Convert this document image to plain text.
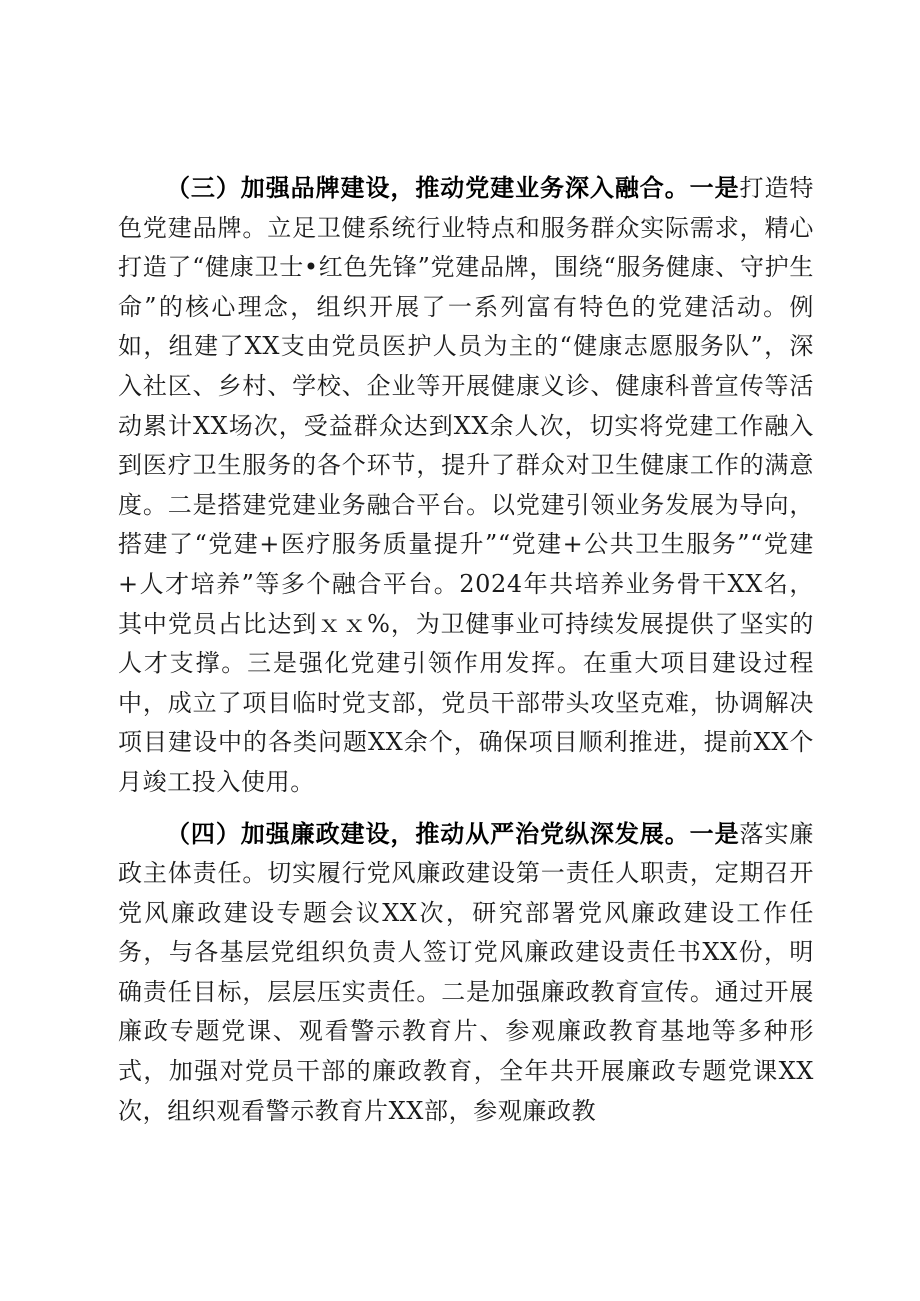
（三）加强品牌建设，推动党建业务深入融合。一是打造特色党建品牌。立足卫健系统行业特点和服务群众实际需求，精心打造了“健康卫士•红色先锋”党建品牌，围绕“服务健康、守护生命”的核心理念，组织开展了一系列富有特色的党建活动。例如，组建了XX支由党员医护人员为主的“健康志愿服务队”，深入社区、乡村、学校、企业等开展健康义诊、健康科普宣传等活动累计XX场次，受益群众达到XX余人次，切实将党建工作融入到医疗卫生服务的各个环节，提升了群众对卫生健康工作的满意度。二是搭建党建业务融合平台。以党建引领业务发展为导向，搭建了“党建+医疗服务质量提升”“党建+公共卫生服务”“党建+人才培养”等多个融合平台。2024年共培养业务骨干XX名，其中党员占比达到ｘｘ%，为卫健事业可持续发展提供了坚实的人才支撑。三是强化党建引领作用发挥。在重大项目建设过程中，成立了项目临时党支部，党员干部带头攻坚克难，协调解决项目建设中的各类问题XX余个，确保项目顺利推进，提前XX个月竣工投入使用。

（四）加强廉政建设，推动从严治党纵深发展。一是落实廉政主体责任。切实履行党风廉政建设第一责任人职责，定期召开党风廉政建设专题会议XX次，研究部署党风廉政建设工作任务，与各基层党组织负责人签订党风廉政建设责任书XX份，明确责任目标，层层压实责任。二是加强廉政教育宣传。通过开展廉政专题党课、观看警示教育片、参观廉政教育基地等多种形式，加强对党员干部的廉政教育，全年共开展廉政专题党课XX次，组织观看警示教育片XX部，参观廉政教
